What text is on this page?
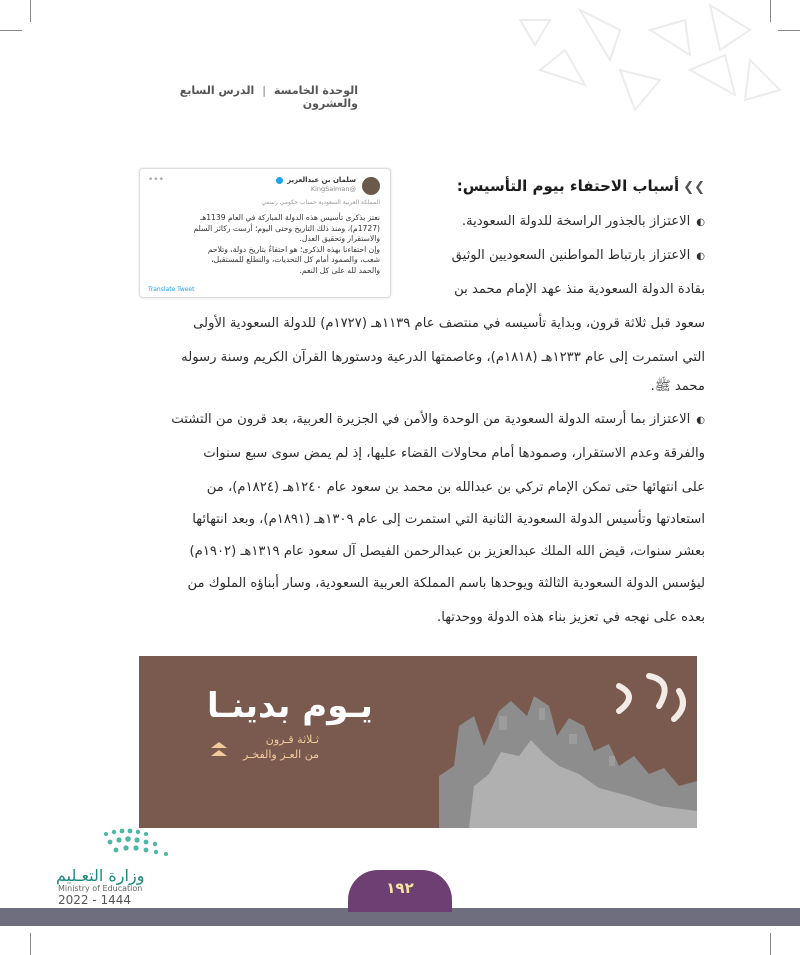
الوحدة الخامسة | الدرس السابع والعشرون
سلمان بن عبدالعزيز
@KingSalman
•••
المملكة العربية السعودية حساب حكومي رسمي
نعتز بذكرى تأسيس هذه الدولة المباركة في العام 1139هـ
(1727م)، ومنذ ذلك التاريخ وحتى اليوم؛ أرست ركائز السلم
والاستقرار وتحقيق العدل.
وإن احتفاءنا بهذه الذكرى؛ هو احتفاءٌ بتاريخ دولة، وتلاحم
شعب، والصمود أمام كل التحديات، والتطلع للمستقبل،
والحمد لله على كل النعم.
Translate Tweet
❯❯أسباب الاحتفاء بيوم التأسيس:
◐الاعتزاز بالجذور الراسخة للدولة السعودية.
◐الاعتزاز بارتباط المواطنين السعوديين الوثيق
بقادة الدولة السعودية منذ عهد الإمام محمد بن
سعود قبل ثلاثة قرون، وبداية تأسيسه في منتصف عام ١١٣٩هـ (١٧٢٧م) للدولة السعودية الأولى
التي استمرت إلى عام ١٢٣٣هـ (١٨١٨م)، وعاصمتها الدرعية ودستورها القرآن الكريم وسنة رسوله
محمد ﷺ.
◐الاعتزاز بما أرسته الدولة السعودية من الوحدة والأمن في الجزيرة العربية، بعد قرون من التشتت
والفرقة وعدم الاستقرار، وصمودها أمام محاولات القضاء عليها، إذ لم يمض سوى سبع سنوات
على انتهائها حتى تمكن الإمام تركي بن عبدالله بن محمد بن سعود عام ١٢٤٠هـ (١٨٢٤م)، من
استعادتها وتأسيس الدولة السعودية الثانية التي استمرت إلى عام ١٣٠٩هـ (١٨٩١م)، وبعد انتهائها
بعشر سنوات، قيض الله الملك عبدالعزيز بن عبدالرحمن الفيصل آل سعود عام ١٣١٩هـ (١٩٠٢م)
ليؤسس الدولة السعودية الثالثة ويوحدها باسم المملكة العربية السعودية، وسار أبناؤه الملوك من
بعده على نهجه في تعزيز بناء هذه الدولة ووحدتها.
يـوم بدينـا
ثـلاثة قـرون
من العـز والفخـر
وزارة التعـليم
Ministry of Education
2022 - 1444
١٩٢
